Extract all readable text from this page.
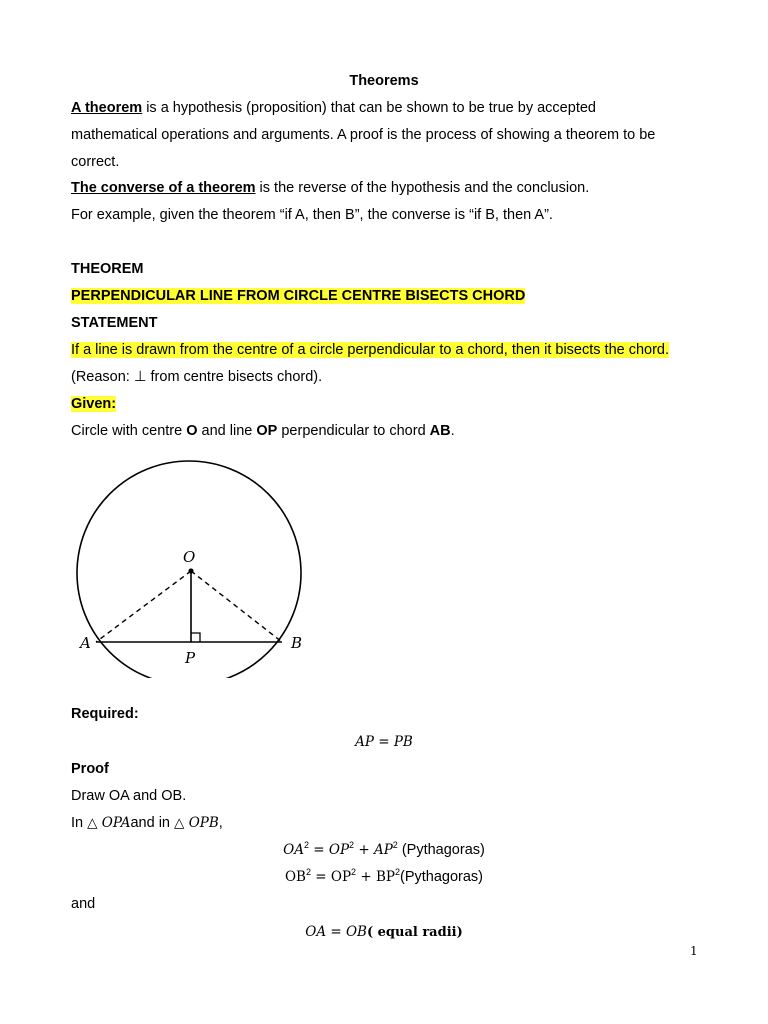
Theorems
A theorem is a hypothesis (proposition) that can be shown to be true by accepted
mathematical operations and arguments. A proof is the process of showing a theorem to be
correct.
The converse of a theorem is the reverse of the hypothesis and the conclusion.
For example, given the theorem “if A, then B”, the converse is “if B, then A”.
THEOREM
PERPENDICULAR LINE FROM CIRCLE CENTRE BISECTS CHORD
STATEMENT
If a line is drawn from the centre of a circle perpendicular to a chord, then it bisects the chord.
(Reason: ⊥ from centre bisects chord).
Given:
Circle with centre O and line OP perpendicular to chord AB.
O
A	B
P
Required:
AP = PB
Proof
Draw OA and OB.
In △ OPAand in △ OPB,
$OA^2 = OP^2 + AP^2$ (Pythagoras)
$OB^2 = OP^2$ + $BP^2(Pythagoras)$
and
OA = OB( equal radii)
1
